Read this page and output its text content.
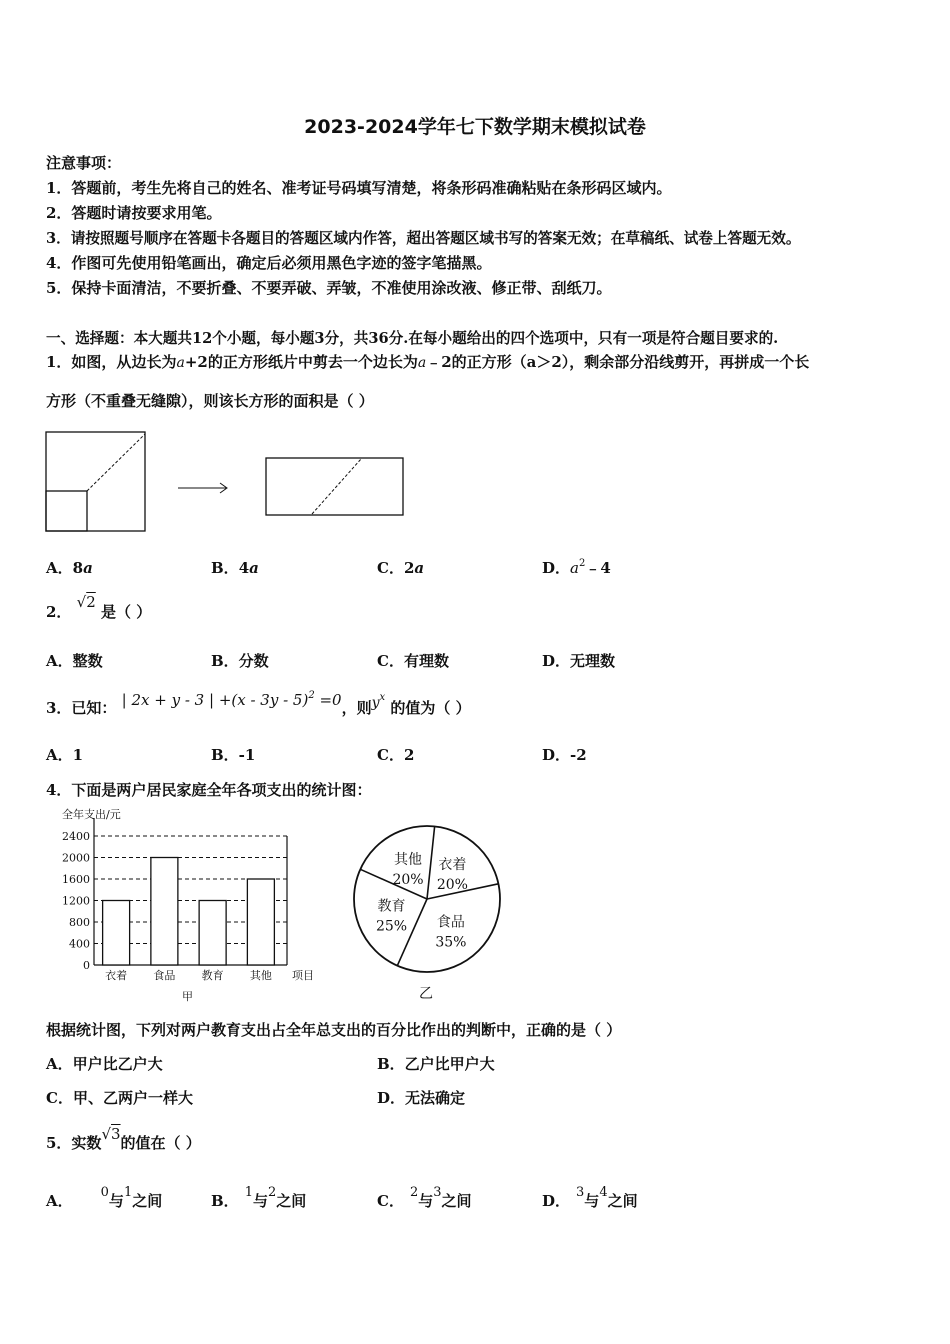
2023-2024学年七下数学期末模拟试卷
注意事项：
1．答题前，考生先将自己的姓名、准考证号码填写清楚，将条形码准确粘贴在条形码区域内。
2．答题时请按要求用笔。
3．请按照题号顺序在答题卡各题目的答题区域内作答，超出答题区域书写的答案无效；在草稿纸、试卷上答题无效。
4．作图可先使用铅笔画出，确定后必须用黑色字迹的签字笔描黑。
5．保持卡面清洁，不要折叠、不要弄破、弄皱，不准使用涂改液、修正带、刮纸刀。
一、选择题：本大题共12个小题，每小题3分，共36分.在每小题给出的四个选项中，只有一项是符合题目要求的.
1．如图，从边长为a+2的正方形纸片中剪去一个边长为a﹣2的正方形（a＞2），剩余部分沿线剪开，再拼成一个长
方形（不重叠无缝隙），则该长方形的面积是（ ）
A．8a	B．4a	C．2a	D．$a^2﹣4$
2． √2 是（ ）
A．整数	B．分数	C．有理数	D．无理数
3．已知： | 2x + y - 3 | +(x - 3y - 5)$^2$ =0，则$y^x$ 的值为（ ）
A．1	B．-1	C．2	D．-2
4．下面是两户居民家庭全年各项支出的统计图：
全年支出/元
0
400
800
1200
1600
2000
2400
衣着 食品 教育 其他 项目
甲
其他
20%
衣着
20%
食品
35%
教育
25%
乙
根据统计图，下列对两户教育支出占全年总支出的百分比作出的判断中，正确的是（ ）
A．甲户比乙户大	B．乙户比甲户大
C．甲、乙两户一样大	D．无法确定
5．实数√3的值在（ ）
A． 0与1之间	B． 1与2之间	C． 2与3之间	D． 3与4之间
